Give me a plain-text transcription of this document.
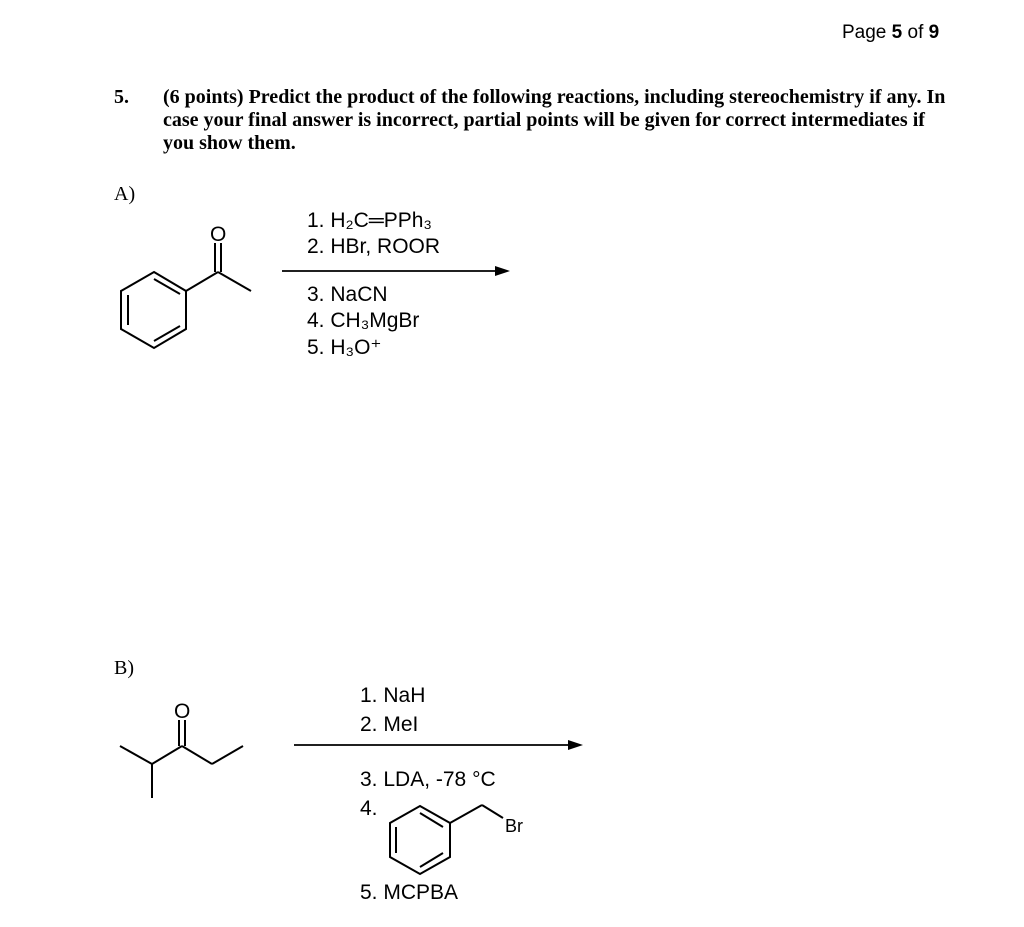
Page 5 of 9
5. (6 points) Predict the product of the following reactions, including stereochemistry if any. In case your final answer is incorrect, partial points will be given for correct intermediates if you show them.
A)
B)
O
O
Br
1. H₂C═PPh₃
2. HBr, ROOR
3. NaCN
4. CH₃MgBr
5. H₃O⁺
1. NaH
2. MeI
3. LDA, -78 °C
4.
5. MCPBA
